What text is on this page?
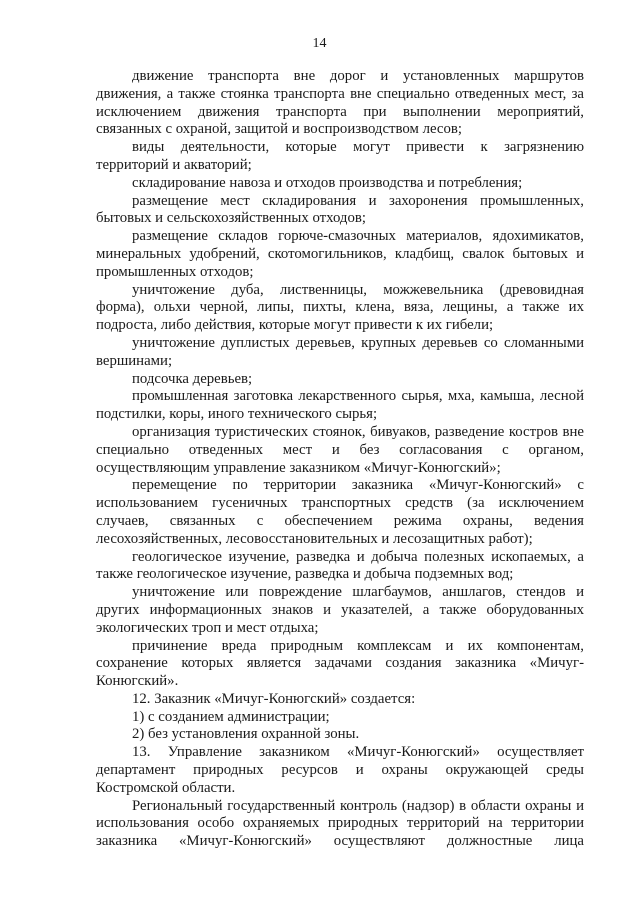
14

движение транспорта вне дорог и установленных маршрутов движения, а также стоянка транспорта вне специально отведенных мест, за исключением движения транспорта при выполнении мероприятий, связанных с охраной, защитой и воспроизводством лесов;

виды деятельности, которые могут привести к загрязнению территорий и акваторий;

складирование навоза и отходов производства и потребления;

размещение мест складирования и захоронения промышленных, бытовых и сельскохозяйственных отходов;

размещение складов горюче-смазочных материалов, ядохимикатов, минеральных удобрений, скотомогильников, кладбищ, свалок бытовых и промышленных отходов;

уничтожение дуба, лиственницы, можжевельника (древовидная форма), ольхи черной, липы, пихты, клена, вяза, лещины, а также их подроста, либо действия, которые могут привести к их гибели;

уничтожение дуплистых деревьев, крупных деревьев со сломанными вершинами;

подсочка деревьев;

промышленная заготовка лекарственного сырья, мха, камыша, лесной подстилки, коры, иного технического сырья;

организация туристических стоянок, бивуаков, разведение костров вне специально отведенных мест и без согласования с органом, осуществляющим управление заказником «Мичуг-Конюгский»;

перемещение по территории заказника «Мичуг-Конюгский» с использованием гусеничных транспортных средств (за исключением случаев, связанных с обеспечением режима охраны, ведения лесохозяйственных, лесовосстановительных и лесозащитных работ);

геологическое изучение, разведка и добыча полезных ископаемых, а также геологическое изучение, разведка и добыча подземных вод;

уничтожение или повреждение шлагбаумов, аншлагов, стендов и других информационных знаков и указателей, а также оборудованных экологических троп и мест отдыха;

причинение вреда природным комплексам и их компонентам, сохранение которых является задачами создания заказника «Мичуг-Конюгский».

12. Заказник «Мичуг-Конюгский» создается:

1) с созданием администрации;

2) без установления охранной зоны.

13. Управление заказником «Мичуг-Конюгский» осуществляет департамент природных ресурсов и охраны окружающей среды Костромской области.

Региональный государственный контроль (надзор) в области охраны и использования особо охраняемых природных территорий на территории заказника «Мичуг-Конюгский» осуществляют должностные лица
